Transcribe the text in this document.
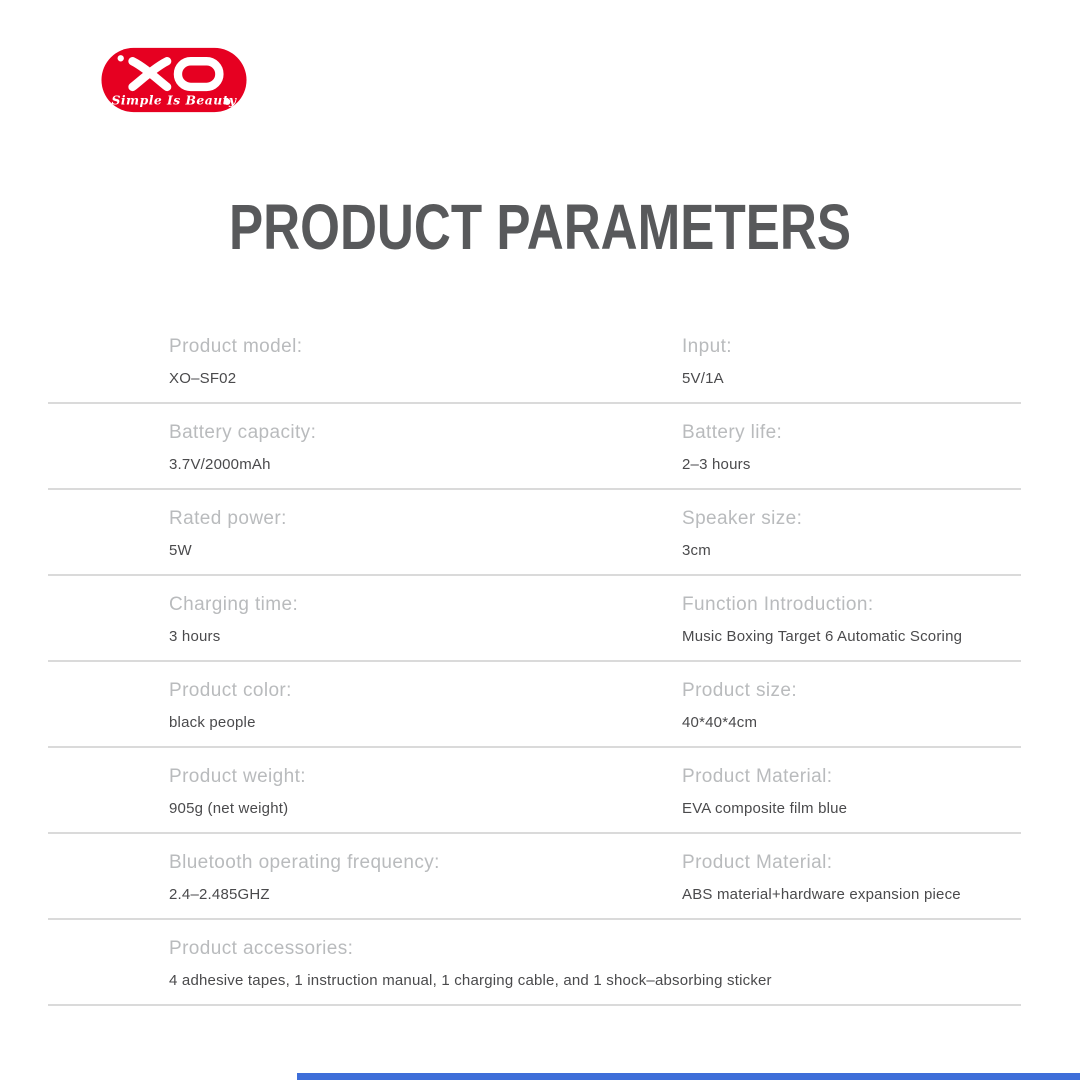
Simple Is Beauty
PRODUCT PARAMETERS
Product model:
XO–SF02
Input:
5V/1A
Battery capacity:
3.7V/2000mAh
Battery life:
2–3 hours
Rated power:
5W
Speaker size:
3cm
Charging time:
3 hours
Function Introduction:
Music Boxing Target 6 Automatic Scoring
Product color:
black people
Product size:
40*40*4cm
Product weight:
905g (net weight)
Product Material:
EVA composite film blue
Bluetooth operating frequency:
2.4–2.485GHZ
Product Material:
ABS material+hardware expansion piece
Product accessories:
4 adhesive tapes, 1 instruction manual, 1 charging cable, and 1 shock–absorbing sticker
